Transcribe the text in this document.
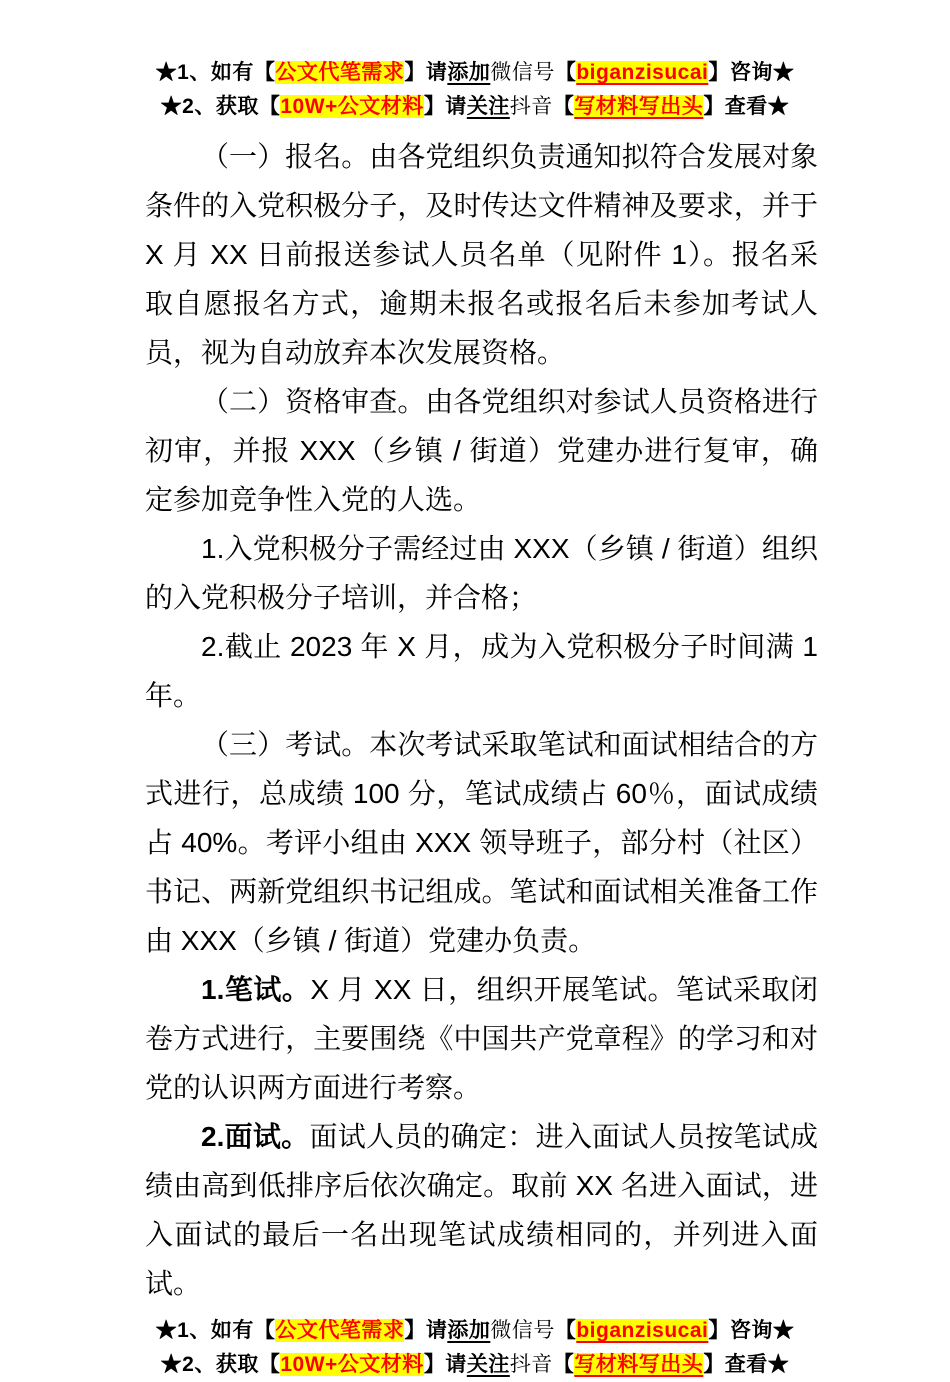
★1、如有【公文代笔需求】请添加微信号【biganzisucai】咨询★
★2、获取【10W+公文材料】请关注抖音【写材料写出头】查看★

（一）报名。由各党组织负责通知拟符合发展对象条件的入党积极分子，及时传达文件精神及要求，并于 X 月 XX 日前报送参试人员名单（见附件 1）。报名采取自愿报名方式，逾期未报名或报名后未参加考试人员，视为自动放弃本次发展资格。

（二）资格审查。由各党组织对参试人员资格进行初审，并报 XXX（乡镇 / 街道）党建办进行复审，确定参加竞争性入党的人选。

1.入党积极分子需经过由 XXX（乡镇 / 街道）组织的入党积极分子培训，并合格；

2.截止 2023 年 X 月，成为入党积极分子时间满 1 年。

（三）考试。本次考试采取笔试和面试相结合的方式进行，总成绩 100 分，笔试成绩占 60％，面试成绩占 40%。考评小组由 XXX 领导班子，部分村（社区）书记、两新党组织书记组成。笔试和面试相关准备工作由 XXX（乡镇 / 街道）党建办负责。

1.笔试。X 月 XX 日，组织开展笔试。笔试采取闭卷方式进行，主要围绕《中国共产党章程》的学习和对党的认识两方面进行考察。

2.面试。面试人员的确定：进入面试人员按笔试成绩由高到低排序后依次确定。取前 XX 名进入面试，进入面试的最后一名出现笔试成绩相同的，并列进入面试。

★1、如有【公文代笔需求】请添加微信号【biganzisucai】咨询★
★2、获取【10W+公文材料】请关注抖音【写材料写出头】查看★
